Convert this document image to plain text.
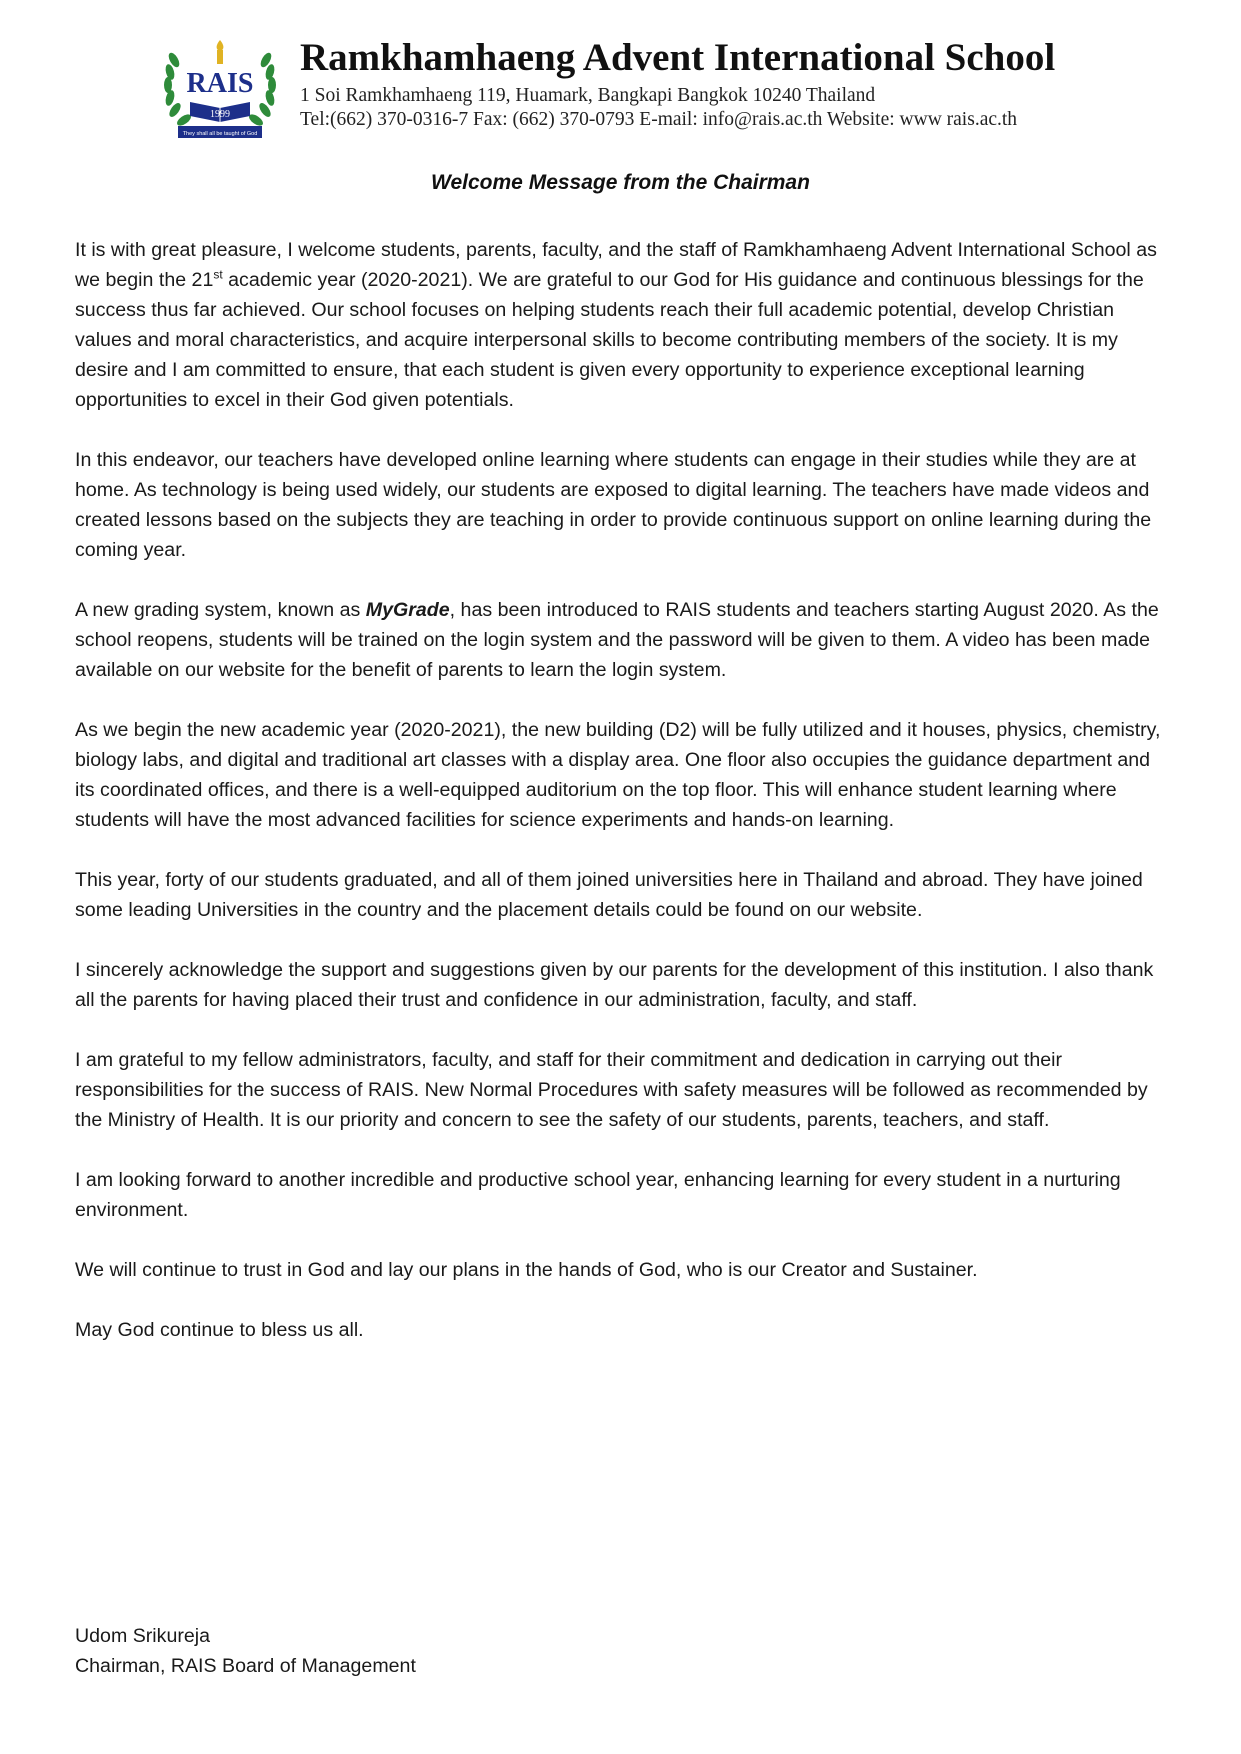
1999
RAIS
They shall all be taught of God
Ramkhamhaeng Advent International School
1 Soi Ramkhamhaeng 119, Huamark, Bangkapi Bangkok 10240 Thailand
Tel:(662) 370-0316-7 Fax: (662) 370-0793 E-mail: info@rais.ac.th Website: www rais.ac.th
Welcome Message from the Chairman

It is with great pleasure, I welcome students, parents, faculty, and the staff of Ramkhamhaeng Advent International School as we begin the 21st academic year (2020-2021). We are grateful to our God for His guidance and continuous blessings for the success thus far achieved. Our school focuses on helping students reach their full academic potential, develop Christian values and moral characteristics, and acquire interpersonal skills to become contributing members of the society. It is my desire and I am committed to ensure, that each student is given every opportunity to experience exceptional learning opportunities to excel in their God given potentials.

In this endeavor, our teachers have developed online learning where students can engage in their studies while they are at home. As technology is being used widely, our students are exposed to digital learning. The teachers have made videos and created lessons based on the subjects they are teaching in order to provide continuous support on online learning during the coming year.

A new grading system, known as MyGrade, has been introduced to RAIS students and teachers starting August 2020. As the school reopens, students will be trained on the login system and the password will be given to them. A video has been made available on our website for the benefit of parents to learn the login system.

As we begin the new academic year (2020-2021), the new building (D2) will be fully utilized and it houses, physics, chemistry, biology labs, and digital and traditional art classes with a display area. One floor also occupies the guidance department and its coordinated offices, and there is a well-equipped auditorium on the top floor. This will enhance student learning where students will have the most advanced facilities for science experiments and hands-on learning.

This year, forty of our students graduated, and all of them joined universities here in Thailand and abroad. They have joined some leading Universities in the country and the placement details could be found on our website.

I sincerely acknowledge the support and suggestions given by our parents for the development of this institution. I also thank all the parents for having placed their trust and confidence in our administration, faculty, and staff.

I am grateful to my fellow administrators, faculty, and staff for their commitment and dedication in carrying out their responsibilities for the success of RAIS. New Normal Procedures with safety measures will be followed as recommended by the Ministry of Health. It is our priority and concern to see the safety of our students, parents, teachers, and staff.

I am looking forward to another incredible and productive school year, enhancing learning for every student in a nurturing environment.

We will continue to trust in God and lay our plans in the hands of God, who is our Creator and Sustainer.

May God continue to bless us all.

Udom Srikureja
Chairman, RAIS Board of Management
